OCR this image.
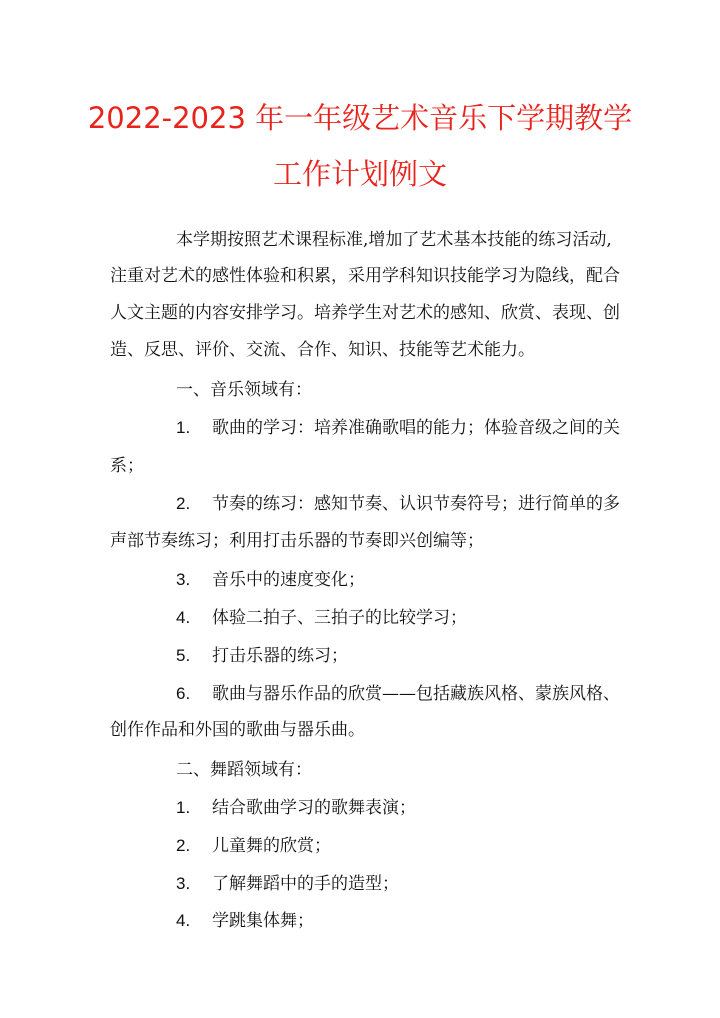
2022-2023 年一年级艺术音乐下学期教学
工作计划例文
本学期按照艺术课程标准,增加了艺术基本技能的练习活动,
注重对艺术的感性体验和积累，采用学科知识技能学习为隐线，配合
人文主题的内容安排学习。培养学生对艺术的感知、欣赏、表现、创
造、反思、评价、交流、合作、知识、技能等艺术能力。
一、音乐领域有：
1. 歌曲的学习：培养准确歌唱的能力；体验音级之间的关
系；
2. 节奏的练习：感知节奏、认识节奏符号；进行简单的多
声部节奏练习；利用打击乐器的节奏即兴创编等；
3. 音乐中的速度变化；
4. 体验二拍子、三拍子的比较学习；
5. 打击乐器的练习；
6. 歌曲与器乐作品的欣赏——包括藏族风格、蒙族风格、
创作作品和外国的歌曲与器乐曲。
二、舞蹈领域有：
1. 结合歌曲学习的歌舞表演；
2. 儿童舞的欣赏；
3. 了解舞蹈中的手的造型；
4. 学跳集体舞；
